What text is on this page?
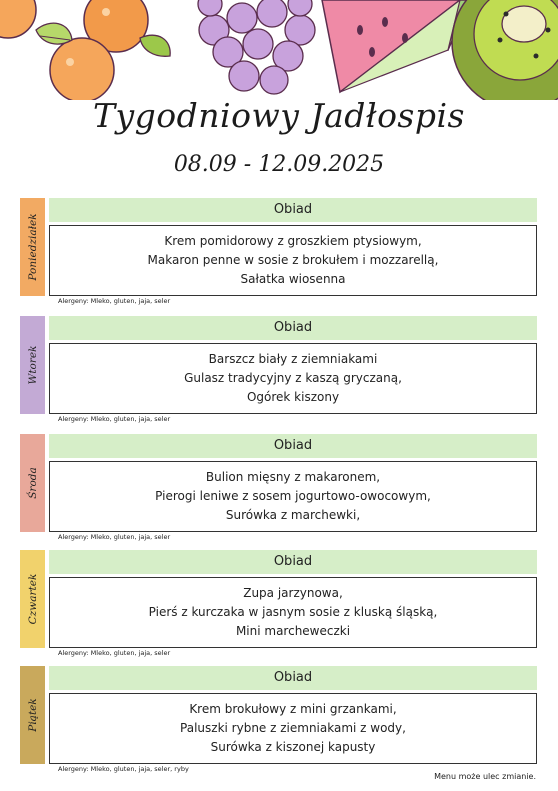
Tygodniowy Jadłospis
08.09 - 12.09.2025
Poniedziałek
Obiad
Krem pomidorowy z groszkiem ptysiowym,
Makaron penne w sosie z brokułem i mozzarellą,
Sałatka wiosenna
Alergeny: Mleko, gluten, jaja, seler
Wtorek
Obiad
Barszcz biały z ziemniakami
Gulasz tradycyjny z kaszą gryczaną,
Ogórek kiszony
Alergeny: Mleko, gluten, jaja, seler
Środa
Obiad
Bulion mięsny z makaronem,
Pierogi leniwe z sosem jogurtowo-owocowym,
Surówka z marchewki,
Alergeny: Mleko, gluten, jaja, seler
Czwartek
Obiad
Zupa jarzynowa,
Pierś z kurczaka w jasnym sosie z kluską śląską,
Mini marcheweczki
Alergeny: Mleko, gluten, jaja, seler
Piątek
Obiad
Krem brokułowy z mini grzankami,
Paluszki rybne z ziemniakami z wody,
Surówka z kiszonej kapusty
Alergeny: Mleko, gluten, jaja, seler, ryby
Menu może ulec zmianie.
